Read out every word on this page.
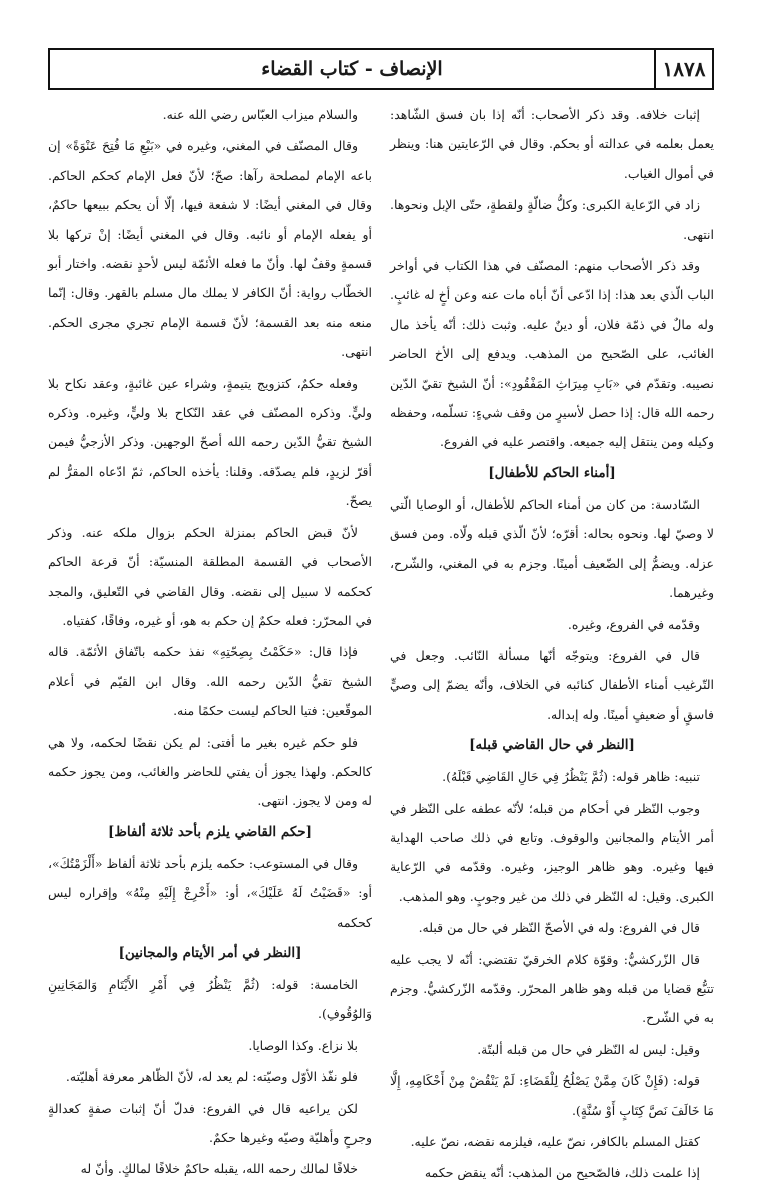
١٨٧٨
الإنصاف - كتاب القضاء

والسلام ميزاب العبّاس رضي الله عنه.

وقال المصنّف في المغني، وغيره في «بَيْعِ مَا فُتِحَ عَنْوَةً» إن باعه الإمام لمصلحة رآها: صحّ؛ لأنّ فعل الإمام كحكم الحاكم. وقال في المغني أيضًا: لا شفعة فيها، إلّا أن يحكم ببيعها حاكمٌ، أو يفعله الإمام أو نائبه. وقال في المغني أيضًا: إنْ تركها بلا قسمةٍ وقفٌ لها. وأنّ ما فعله الأئمّة ليس لأحدٍ نقضه. واختار أبو الخطّاب رواية: أنّ الكافر لا يملك مال مسلم بالقهر. وقال: إنّما منعه منه بعد القسمة؛ لأنّ قسمة الإمام تجري مجرى الحكم. انتهى.

وفعله حكمٌ، كتزويج يتيمةٍ، وشراء عين غائبةٍ، وعقد نكاح بلا وليٍّ. وذكره المصنّف في عقد النّكاح بلا وليٍّ، وغيره. وذكره الشيخ تقيُّ الدّين رحمه الله أصحّ الوجهين. وذكر الأزجيُّ فيمن أقرّ لزيدٍ، فلم يصدّقه. وقلنا: يأخذه الحاكم، ثمّ ادّعاه المقرُّ لم يصحّ.

لأنّ قبض الحاكم بمنزلة الحكم بزوال ملكه عنه. وذكر الأصحاب في القسمة المطلقة المنسيّة: أنّ قرعة الحاكم كحكمه لا سبيل إلى نقضه. وقال القاضي في التّعليق، والمجد في المحرّر: فعله حكمٌ إن حكم به هو، أو غيره، وفاقًا، كفتياه.

فإذا قال: «حَكَمْتُ بِصِحّتِهِ» نفذ حكمه باتّفاق الأئمّة. قاله الشيخ تقيُّ الدّين رحمه الله. وقال ابن القيّم في أعلام الموقّعين: فتيا الحاكم ليست حكمًا منه.

فلو حكم غيره بغير ما أفتى: لم يكن نقضًا لحكمه، ولا هي كالحكم. ولهذا يجوز أن يفتي للحاضر والغائب، ومن يجوز حكمه له ومن لا يجوز. انتهى.

[حكم القاضي يلزم بأحد ثلاثة ألفاظ]

وقال في المستوعب: حكمه يلزم بأحد ثلاثة ألفاظ «أَلْزَمْتُكَ»، أو: «قَضَيْتُ لَهُ عَلَيْكَ»، أو: «أَخْرِجْ إِلَيْهِ مِنْهُ» وإقراره ليس كحكمه

[النظر في أمر الأيتام والمجانين]

الخامسة: قوله: (ثُمَّ يَنْظُرُ فِي أَمْرِ الأَيْتَامِ وَالمَجَانِينِ وَالوُقُوفِ).

بلا نزاع. وكذا الوصايا.

فلو نفّذ الأوّل وصيّته: لم يعد له، لأنّ الظّاهر معرفة أهليّته.

لكن يراعيه قال في الفروع: فدلّ أنّ إثبات صفةٍ كعدالةٍ وجرحٍ وأهليّة وصيّه وغيرها حكمٌ.

خلافًا لمالك رحمه الله، يقبله حاكمٌ خلافًا لمالكٍ. وأنّ له

إثبات خلافه. وقد ذكر الأصحاب: أنّه إذا بان فسق الشّاهد: يعمل بعلمه في عدالته أو بحكم. وقال في الرّعايتين هنا: وينظر في أموال الغياب.

زاد في الرّعاية الكبرى: وكلُّ ضالّةٍ ولقطةٍ، حتّى الإبل ونحوها. انتهى.

وقد ذكر الأصحاب منهم: المصنّف في هذا الكتاب في أواخر الباب الّذي بعد هذا: إذا ادّعى أنّ أباه مات عنه وعن أخٍ له غائبٍ. وله مالٌ في ذمّة فلان، أو دينٌ عليه. وثبت ذلك: أنّه يأخذ مال الغائب، على الصّحيح من المذهب. ويدفع إلى الأخ الحاضر نصيبه. وتقدّم في «بَابِ مِيرَاثِ المَفْقُودِ»: أنّ الشيخ تقيّ الدّين رحمه الله قال: إذا حصل لأسيرٍ من وقف شيءٍ: تسلّمه، وحفظه وكيله ومن ينتقل إليه جميعه. واقتصر عليه في الفروع.

[أمناء الحاكم للأطفال]

السّادسة: من كان من أمناء الحاكم للأطفال، أو الوصايا الّتي لا وصيّ لها. ونحوه بحاله: أقرّه؛ لأنّ الّذي قبله ولّاه. ومن فسق عزله. ويضمُّ إلى الضّعيف أمينًا. وجزم به في المغني، والشّرح، وغيرهما.

وقدّمه في الفروع، وغيره.

قال في الفروع: ويتوجّه أنّها مسألة النّائب. وجعل في التّرغيب أمناء الأطفال كنائبه في الخلاف، وأنّه يضمّ إلى وصيٍّ فاسقٍ أو ضعيفٍ أمينًا. وله إبداله.

[النظر في حال القاضي قبله]

تنبيه: ظاهر قوله: (ثُمَّ يَنْظُرُ فِي حَالِ القَاضِي قَبْلَهُ).

وجوب النّظر في أحكام من قبله؛ لأنّه عطفه على النّظر في أمر الأيتام والمجانين والوقوف. وتابع في ذلك صاحب الهداية فيها وغيره. وهو ظاهر الوجيز، وغيره. وقدّمه في الرّعاية الكبرى. وقيل: له النّظر في ذلك من غير وجوبٍ. وهو المذهب.

قال في الفروع: وله في الأصحّ النّظر في حال من قبله.

قال الزّركشيُّ: وقوّة كلام الخرقيّ تقتضي: أنّه لا يجب عليه تتبُّع قضايا من قبله وهو ظاهر المحرّر. وقدّمه الزّركشيُّ. وجزم به في الشّرح.

وقيل: ليس له النّظر في حال من قبله ألبتّة.

قوله: (فَإِنْ كَانَ مِمَّنْ يَصْلُحُ لِلْقَضَاءِ: لَمْ يَنْقُضْ مِنْ أَحْكَامِهِ، إِلَّا مَا خَالَفَ نَصَّ كِتَابٍ أَوْ سُنَّةٍ).

كقتل المسلم بالكافر، نصّ عليه، فيلزمه نقضه، نصّ عليه.

إذا علمت ذلك، فالصّحيح من المذهب: أنّه ينقض حكمه
